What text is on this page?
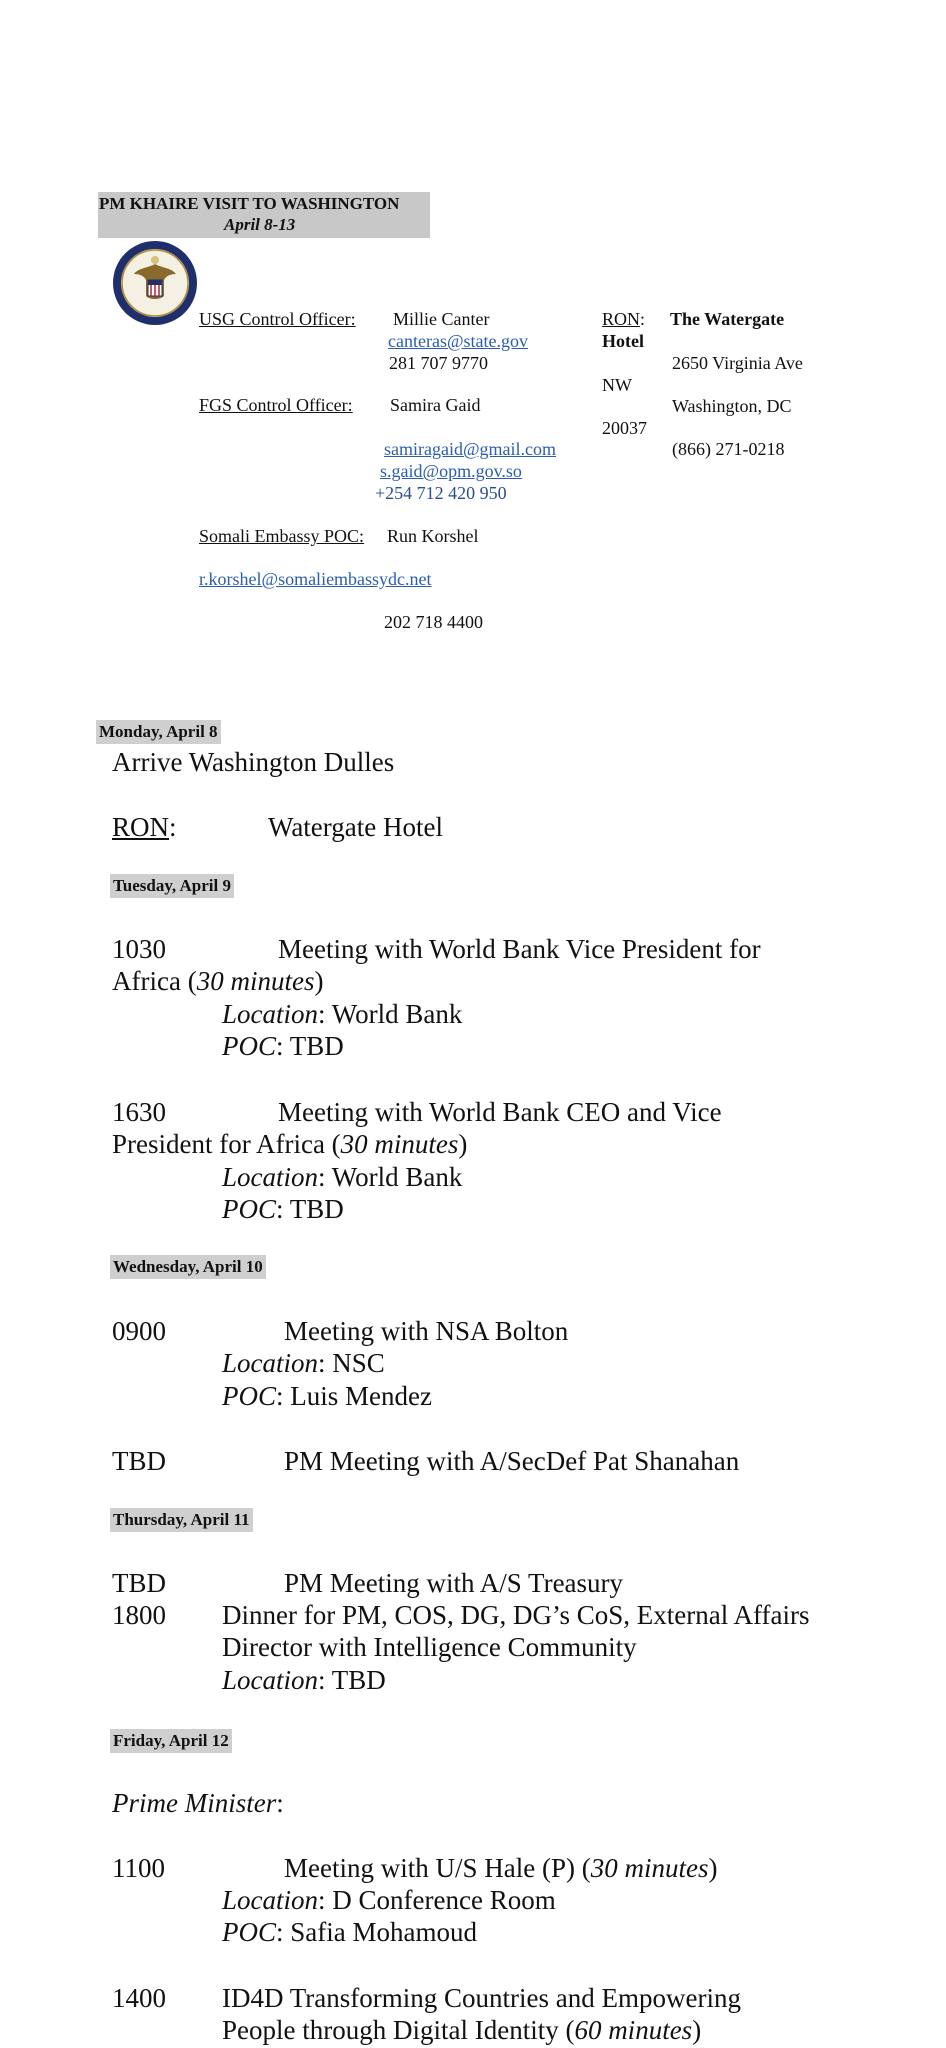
PM KHAIRE VISIT TO WASHINGTON
April 8-13
USG Control Officer: Millie Canter
canteras@state.gov
281 707 9770
FGS Control Officer: Samira Gaid
samiragaid@gmail.com
s.gaid@opm.gov.so
+254 712 420 950
Somali Embassy POC: Run Korshel
r.korshel@somaliembassydc.net
202 718 4400
RON: The Watergate
Hotel
2650 Virginia Ave
NW
Washington, DC
20037
(866) 271-0218
Monday, April 8
Arrive Washington Dulles
RON:	Watergate Hotel
Tuesday, April 9
1030	Meeting with World Bank Vice President for
Africa (30 minutes)
Location: World Bank
POC: TBD
1630	Meeting with World Bank CEO and Vice
President for Africa (30 minutes)
Location: World Bank
POC: TBD
Wednesday, April 10
0900	Meeting with NSA Bolton
Location: NSC
POC: Luis Mendez
TBD	PM Meeting with A/SecDef Pat Shanahan
Thursday, April 11
TBD	PM Meeting with A/S Treasury
1800 Dinner for PM, COS, DG, DG’s CoS, External Affairs
Director with Intelligence Community
Location: TBD
Friday, April 12
Prime Minister:
1100	Meeting with U/S Hale (P) (30 minutes)
Location: D Conference Room
POC: Safia Mohamoud
1400 ID4D Transforming Countries and Empowering
People through Digital Identity (60 minutes)
